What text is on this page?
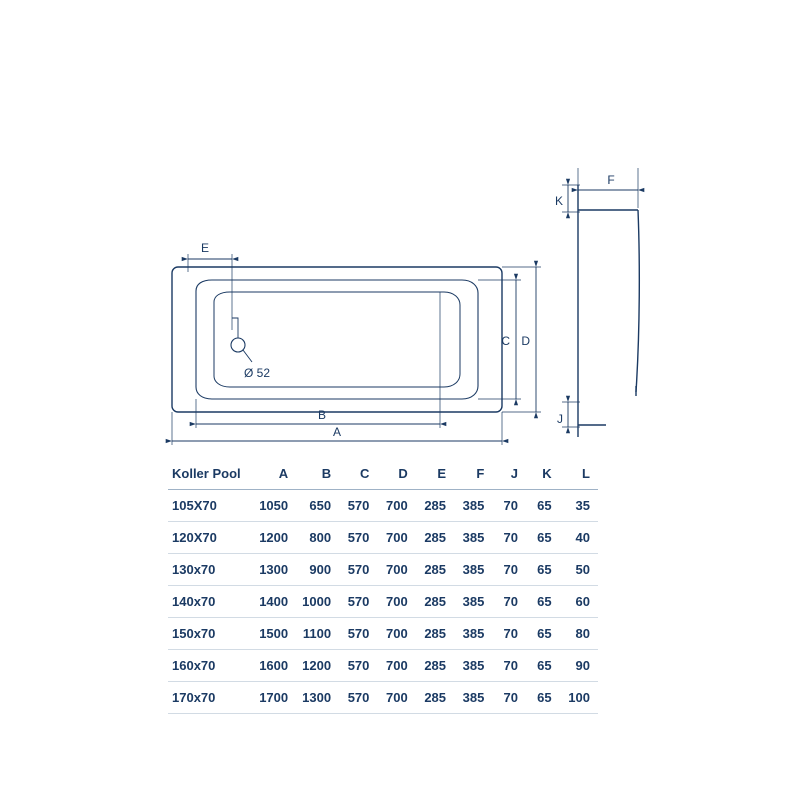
Ø 52
E
B
A
C D
F
K
J
Koller Pool	A	B	C	D	E	F	J	K	L
105X70	1050	650	570	700	285	385	70	65	35
120X70	1200	800	570	700	285	385	70	65	40
130x70	1300	900	570	700	285	385	70	65	50
140x70	1400	1000	570	700	285	385	70	65	60
150x70	1500	1100	570	700	285	385	70	65	80
160x70	1600	1200	570	700	285	385	70	65	90
170x70	1700	1300	570	700	285	385	70	65	100
